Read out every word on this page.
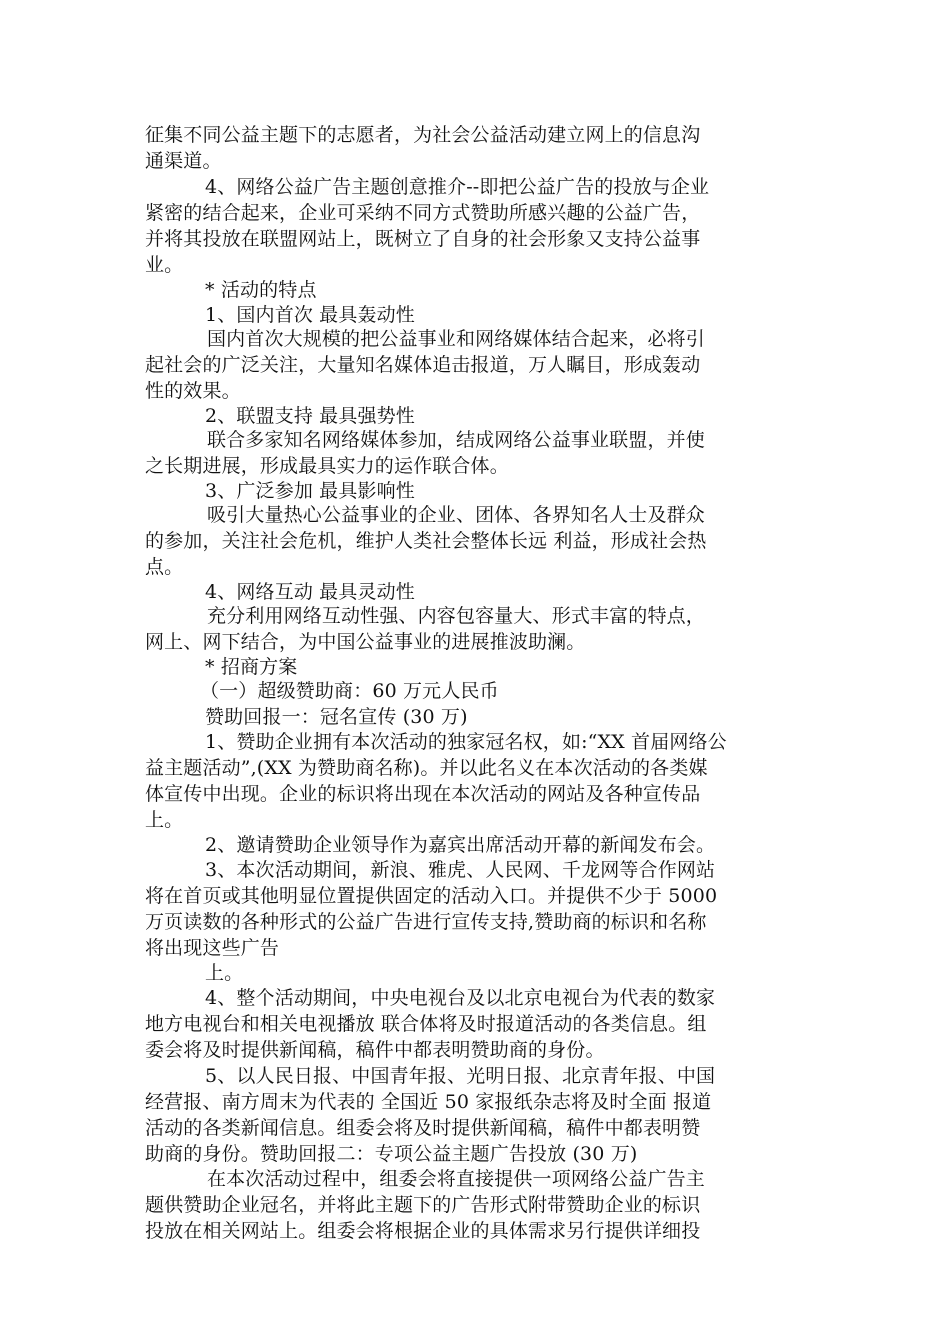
征集不同公益主题下的志愿者，为社会公益活动建立网上的信息沟
通渠道。
4、网络公益广告主题创意推介--即把公益广告的投放与企业
紧密的结合起来，企业可采纳不同方式赞助所感兴趣的公益广告，
并将其投放在联盟网站上，既树立了自身的社会形象又支持公益事
业。
* 活动的特点
1、国内首次 最具轰动性
国内首次大规模的把公益事业和网络媒体结合起来，必将引
起社会的广泛关注，大量知名媒体追击报道，万人瞩目，形成轰动
性的效果。
2、联盟支持 最具强势性
联合多家知名网络媒体参加，结成网络公益事业联盟，并使
之长期进展，形成最具实力的运作联合体。
3、广泛参加 最具影响性
吸引大量热心公益事业的企业、团体、各界知名人士及群众
的参加，关注社会危机，维护人类社会整体长远 利益，形成社会热
点。
4、网络互动 最具灵动性
充分利用网络互动性强、内容包容量大、形式丰富的特点，
网上、网下结合，为中国公益事业的进展推波助澜。
* 招商方案
（一）超级赞助商：60 万元人民币
赞助回报一：冠名宣传 (30 万)
1、赞助企业拥有本次活动的独家冠名权，如:“XX 首届网络公
益主题活动”,(XX 为赞助商名称)。并以此名义在本次活动的各类媒
体宣传中出现。企业的标识将出现在本次活动的网站及各种宣传品
上。
2、邀请赞助企业领导作为嘉宾出席活动开幕的新闻发布会。
3、本次活动期间，新浪、雅虎、人民网、千龙网等合作网站
将在首页或其他明显位置提供固定的活动入口。并提供不少于 5000
万页读数的各种形式的公益广告进行宣传支持,赞助商的标识和名称
将出现这些广告
上。
4、整个活动期间，中央电视台及以北京电视台为代表的数家
地方电视台和相关电视播放 联合体将及时报道活动的各类信息。组
委会将及时提供新闻稿，稿件中都表明赞助商的身份。
5、以人民日报、中国青年报、光明日报、北京青年报、中国
经营报、南方周末为代表的 全国近 50 家报纸杂志将及时全面 报道
活动的各类新闻信息。组委会将及时提供新闻稿，稿件中都表明赞
助商的身份。赞助回报二：专项公益主题广告投放 (30 万)
在本次活动过程中，组委会将直接提供一项网络公益广告主
题供赞助企业冠名，并将此主题下的广告形式附带赞助企业的标识
投放在相关网站上。组委会将根据企业的具体需求另行提供详细投
